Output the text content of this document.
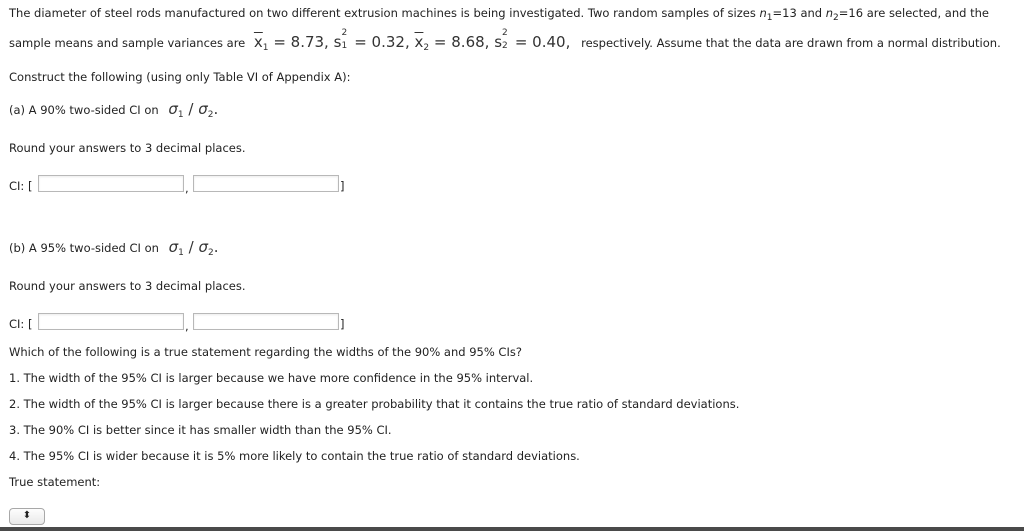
The diameter of steel rods manufactured on two different extrusion machines is being investigated. Two random samples of sizes $n_1=13$ and $n_2=16$ are selected, and the
sample means and sample variances are $\overline{x}_1 = 8.73$, s 2
1 = 0.32, $\overline{x}_2 = 8.68$, s 2
2 = 0.40, respectively. Assume that the data are drawn from a normal distribution.
Construct the following (using only Table VI of Appendix A):
(a) A 90% two-sided CI on $\sigma_1 / \sigma_2$.
Round your answers to 3 decimal places.
CI: [	,	]
(b) A 95% two-sided CI on $\sigma_1 / \sigma_2$.
Round your answers to 3 decimal places.
CI: [	,	]
Which of the following is a true statement regarding the widths of the 90% and 95% CIs?
1. The width of the 95% CI is larger because we have more confidence in the 95% interval.
2. The width of the 95% CI is larger because there is a greater probability that it contains the true ratio of standard deviations.
3. The 90% CI is better since it has smaller width than the 95% CI.
4. The 95% CI is wider because it is 5% more likely to contain the true ratio of standard deviations.
True statement:
⬍
